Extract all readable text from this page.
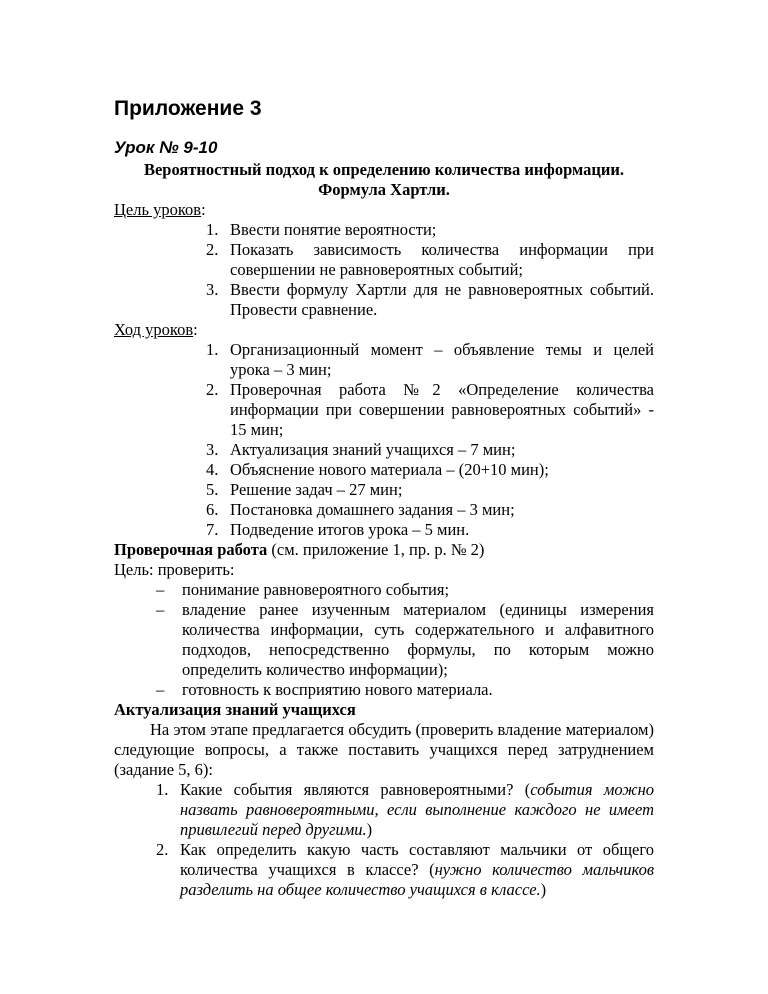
Приложение 3
Урок № 9-10

Вероятностный подход к определению количества информации.

Формула Хартли.

Цель уроков:

1. Ввести понятие вероятности;
2. Показать зависимость количества информации при совершении не равновероятных событий;
3. Ввести формулу Хартли для не равновероятных событий. Провести сравнение.

Ход уроков:

1. Организационный момент – объявление темы и целей урока – 3 мин;
2. Проверочная работа №2 «Определение количества информации при совершении равновероятных событий» - 15 мин;
3. Актуализация знаний учащихся – 7 мин;
4. Объяснение нового материала – (20+10 мин);
5. Решение задач – 27 мин;
6. Постановка домашнего задания – 3 мин;
7. Подведение итогов урока – 5 мин.

Проверочная работа (см. приложение 1, пр. р. № 2)

Цель: проверить:

– понимание равновероятного события;
– владение ранее изученным материалом (единицы измерения количества информации, суть содержательного и алфавитного подходов, непосредственно формулы, по которым можно определить количество информации);
– готовность к восприятию нового материала.

Актуализация знаний учащихся

На этом этапе предлагается обсудить (проверить владение материалом) следующие вопросы, а также поставить учащихся перед затруднением (задание 5, 6):

1. Какие события являются равновероятными? (события можно назвать равновероятными, если выполнение каждого не имеет привилегий перед другими.)
2. Как определить какую часть составляют мальчики от общего количества учащихся в классе? (нужно количество мальчиков разделить на общее количество учащихся в классе.)
